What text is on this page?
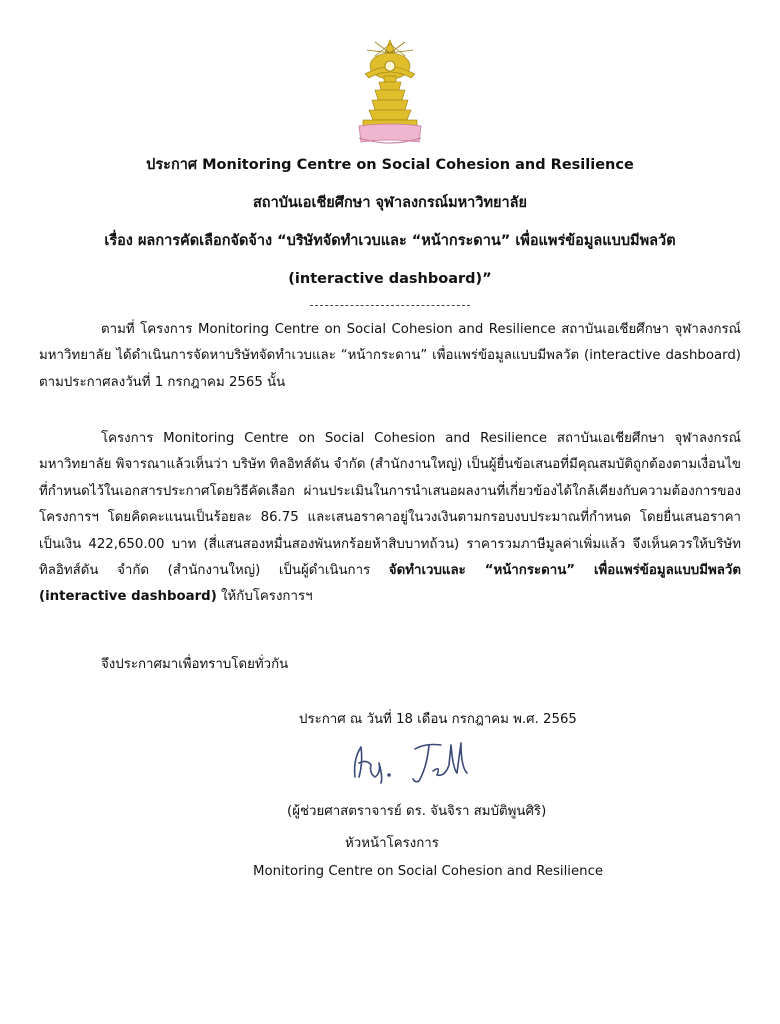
ประกาศ Monitoring Centre on Social Cohesion and Resilience
สถาบันเอเชียศึกษา จุฬาลงกรณ์มหาวิทยาลัย
เรื่อง ผลการคัดเลือกจัดจ้าง “บริษัทจัดทำเวบและ “หน้ากระดาน” เพื่อแพร่ข้อมูลแบบมีพลวัต
(interactive dashboard)”
ตามที่ โครงการ Monitoring Centre on Social Cohesion and Resilience สถาบันเอเชียศึกษา จุฬาลงกรณ์มหาวิทยาลัย ได้ดำเนินการจัดหาบริษัทจัดทำเวบและ “หน้ากระดาน” เพื่อแพร่ข้อมูลแบบมีพลวัต (interactive dashboard) ตามประกาศลงวันที่ 1 กรกฎาคม 2565 นั้น
โครงการ Monitoring Centre on Social Cohesion and Resilience สถาบันเอเชียศึกษา จุฬาลงกรณ์มหาวิทยาลัย พิจารณาแล้วเห็นว่า บริษัท ทิลอิทส์ดัน จำกัด (สำนักงานใหญ่) เป็นผู้ยื่นข้อเสนอที่มีคุณสมบัติถูกต้องตามเงื่อนไขที่กำหนดไว้ในเอกสารประกาศโดยวิธีคัดเลือก ผ่านประเมินในการนำเสนอผลงานที่เกี่ยวข้องได้ใกล้เคียงกับความต้องการของโครงการฯ โดยคิดคะแนนเป็นร้อยละ 86.75 และเสนอราคาอยู่ในวงเงินตามกรอบงบประมาณที่กำหนด โดยยื่นเสนอราคาเป็นเงิน 422,650.00 บาท (สี่แสนสองหมื่นสองพันหกร้อยห้าสิบบาทถ้วน) ราคารวมภาษีมูลค่าเพิ่มแล้ว จึงเห็นควรให้บริษัท ทิลอิทส์ดัน จำกัด (สำนักงานใหญ่) เป็นผู้ดำเนินการ จัดทำเวบและ “หน้ากระดาน” เพื่อแพร่ข้อมูลแบบมีพลวัต (interactive dashboard) ให้กับโครงการฯ
จึงประกาศมาเพื่อทราบโดยทั่วกัน
ประกาศ ณ วันที่ 18 เดือน กรกฎาคม พ.ศ. 2565
(ผู้ช่วยศาสตราจารย์ ดร. จันจิรา สมบัติพูนศิริ)
หัวหน้าโครงการ
Monitoring Centre on Social Cohesion and Resilience
